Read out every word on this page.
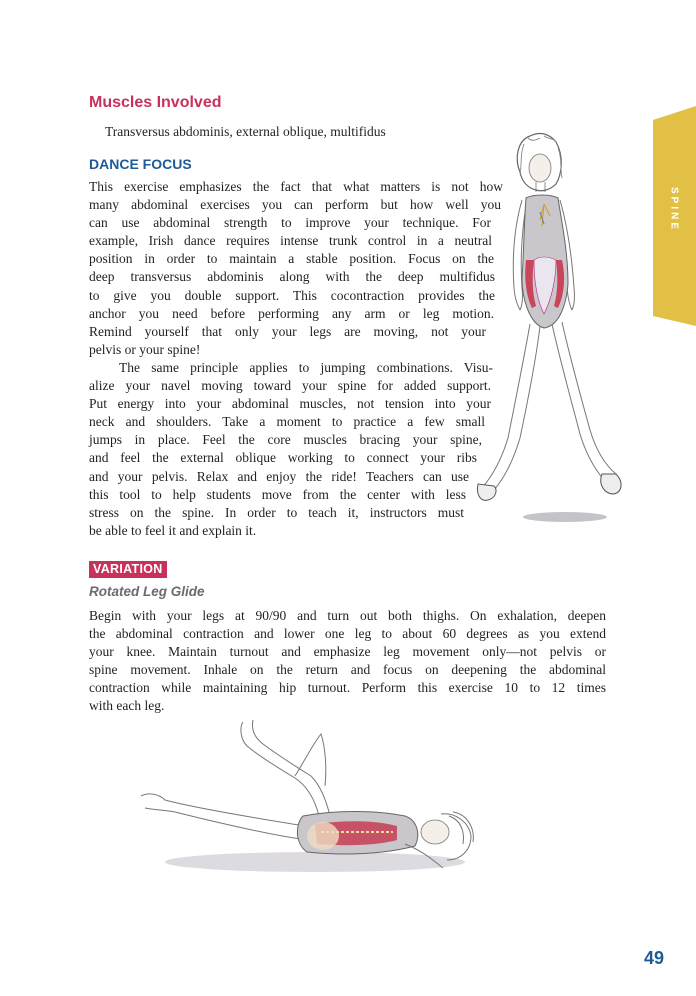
SPINE
Muscles Involved

Transversus abdominis, external oblique, multifidus

DANCE FOCUS
This exercise emphasizes the fact that what matters is not how
many abdominal exercises you can perform but how well you
can use abdominal strength to improve your technique. For
example, Irish dance requires intense trunk control in a neutral
position in order to maintain a stable position. Focus on the
deep transversus abdominis along with the deep multifidus
to give you double support. This cocontraction provides the
anchor you need before performing any arm or leg motion.
Remind yourself that only your legs are moving, not your
pelvis or your spine!
The same principle applies to jumping combinations. Visu-
alize your navel moving toward your spine for added support.
Put energy into your abdominal muscles, not tension into your
neck and shoulders. Take a moment to practice a few small
jumps in place. Feel the core muscles bracing your spine,
and feel the external oblique working to connect your ribs
and your pelvis. Relax and enjoy the ride! Teachers can use
this tool to help students move from the center with less
stress on the spine. In order to teach it, instructors must
be able to feel it and explain it.
VARIATION
Rotated Leg Glide
Begin with your legs at 90/90 and turn out both thighs. On exhalation, deepen
the abdominal contraction and lower one leg to about 60 degrees as you extend
your knee. Maintain turnout and emphasize leg movement only—not pelvis or
spine movement. Inhale on the return and focus on deepening the abdominal
contraction while maintaining hip turnout. Perform this exercise 10 to 12 times
with each leg.
49
